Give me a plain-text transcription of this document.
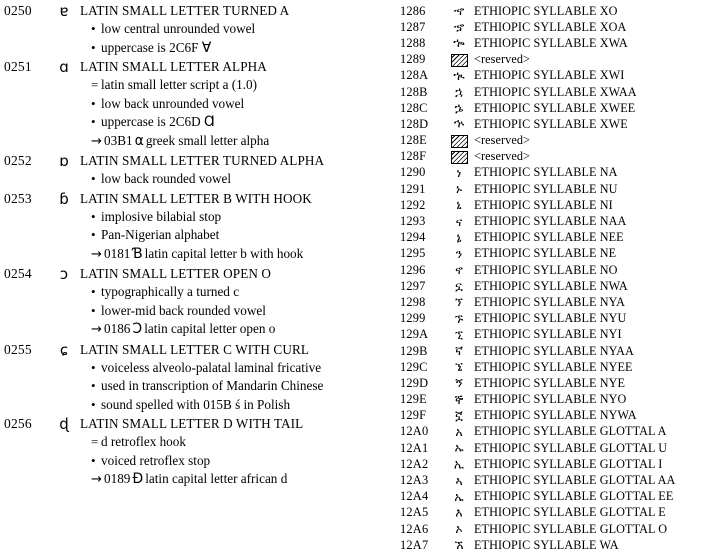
0250	ɐ LATIN SMALL LETTER TURNED A
• low central unrounded vowel
• uppercase is 2C6F Ɐ
0251	ɑ LATIN SMALL LETTER ALPHA
= latin small letter script a (1.0)
• low back unrounded vowel
• uppercase is 2C6D Ɑ
→ 03B1 α greek small letter alpha
0252	ɒ LATIN SMALL LETTER TURNED ALPHA
• low back rounded vowel
0253	ɓ LATIN SMALL LETTER B WITH HOOK
• implosive bilabial stop
• Pan-Nigerian alphabet
→ 0181 Ɓ latin capital letter b with hook
0254	ɔ LATIN SMALL LETTER OPEN O
• typographically a turned c
• lower-mid back rounded vowel
→ 0186 Ɔ latin capital letter open o
0255	ɕ LATIN SMALL LETTER C WITH CURL
• voiceless alveolo-palatal laminal fricative
• used in transcription of Mandarin Chinese
• sound spelled with 015B ś in Polish
0256	ɖ LATIN SMALL LETTER D WITH TAIL
= d retroflex hook
• voiced retroflex stop
→ 0189 Ɖ latin capital letter african d
1286	ኆ ETHIOPIC SYLLABLE XO
1287	ኇ ETHIOPIC SYLLABLE XOA
1288	ኈ ETHIOPIC SYLLABLE XWA
1289	<reserved>
128A	ኊ ETHIOPIC SYLLABLE XWI
128B	ኋ ETHIOPIC SYLLABLE XWAA
128C	ኌ ETHIOPIC SYLLABLE XWEE
128D	ኍ ETHIOPIC SYLLABLE XWE
128E	<reserved>
128F	<reserved>
1290	ነ	ETHIOPIC SYLLABLE NA
1291	ኑ ETHIOPIC SYLLABLE NU
1292	ኒ	ETHIOPIC SYLLABLE NI
1293	ና ETHIOPIC SYLLABLE NAA
1294	ኔ	ETHIOPIC SYLLABLE NEE
1295	ን ETHIOPIC SYLLABLE NE
1296	ኖ ETHIOPIC SYLLABLE NO
1297	ኗ ETHIOPIC SYLLABLE NWA
1298	ኘ ETHIOPIC SYLLABLE NYA
1299	ኙ ETHIOPIC SYLLABLE NYU
129A	ኚ ETHIOPIC SYLLABLE NYI
129B	ኛ ETHIOPIC SYLLABLE NYAA
129C	ኜ ETHIOPIC SYLLABLE NYEE
129D	ኝ ETHIOPIC SYLLABLE NYE
129E	ኞ ETHIOPIC SYLLABLE NYO
129F	ኟ ETHIOPIC SYLLABLE NYWA
12A0	አ ETHIOPIC SYLLABLE GLOTTAL A
12A1	ኡ ETHIOPIC SYLLABLE GLOTTAL U
12A2	ኢ ETHIOPIC SYLLABLE GLOTTAL I
12A3	ኣ ETHIOPIC SYLLABLE GLOTTAL AA
12A4	ኤ ETHIOPIC SYLLABLE GLOTTAL EE
12A5	እ ETHIOPIC SYLLABLE GLOTTAL E
12A6	ኦ ETHIOPIC SYLLABLE GLOTTAL O
12A7	ኧ ETHIOPIC SYLLABLE WA
